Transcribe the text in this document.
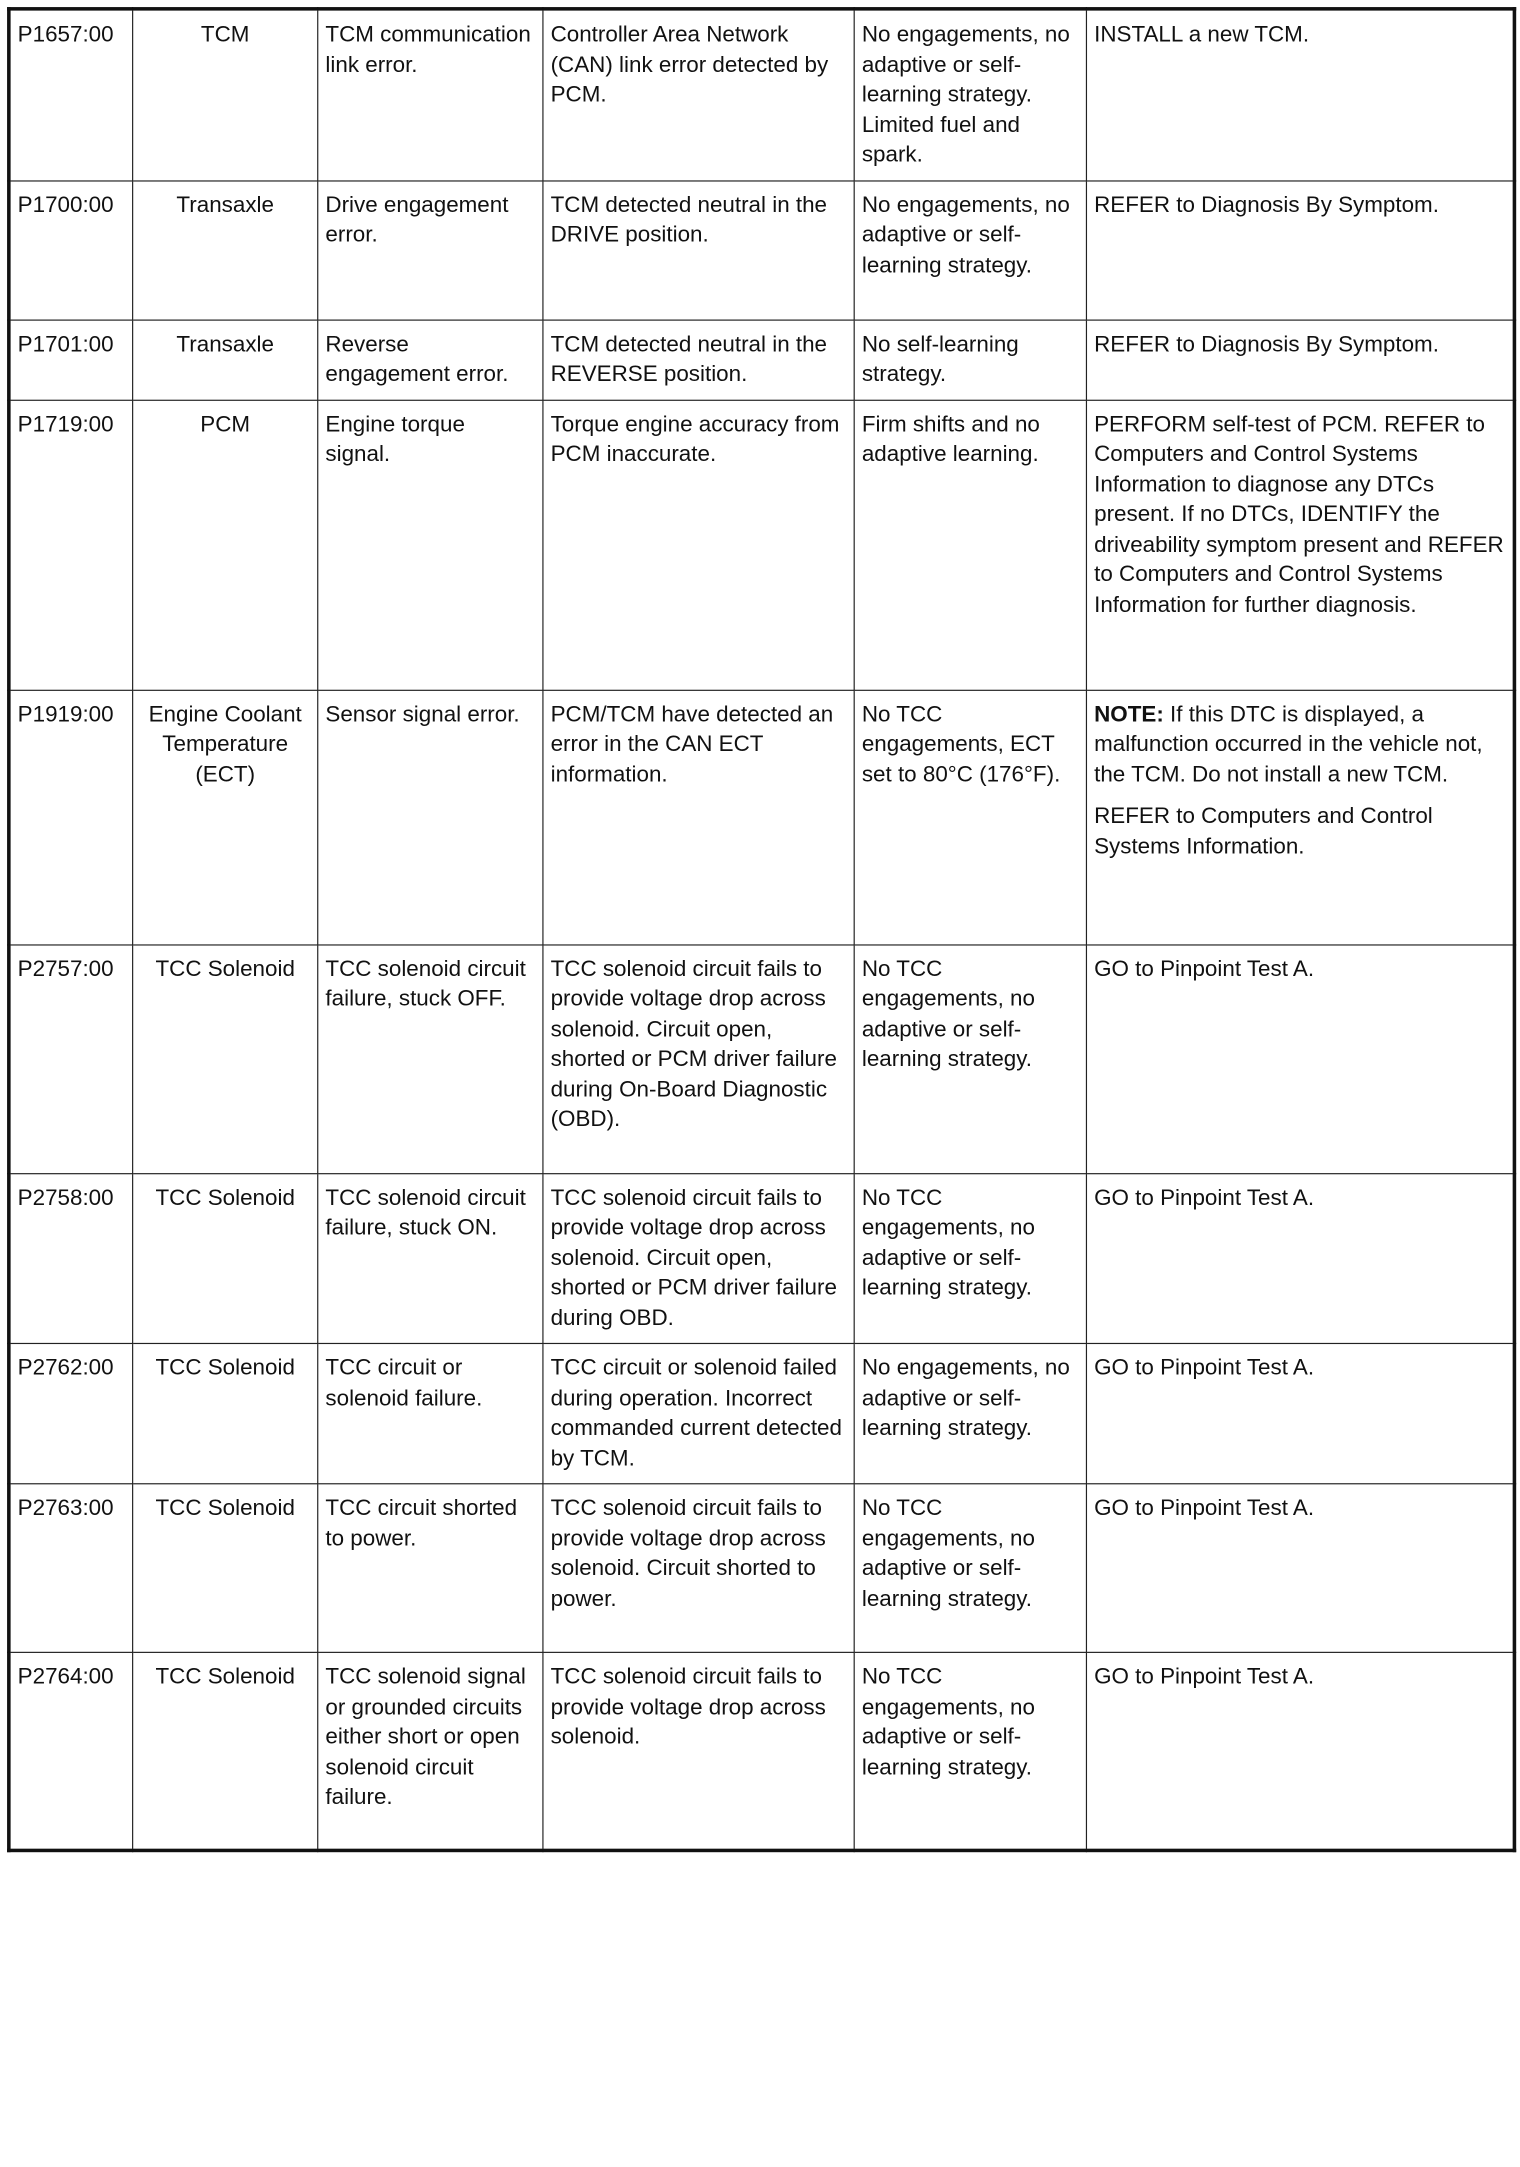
P1657:00	TCM	TCM communication link error.	Controller Area Network (CAN) link error detected by PCM.	No engagements, no adaptive or self-learning strategy. Limited fuel and spark.	INSTALL a new TCM.
P1700:00	Transaxle	Drive engagement error.	TCM detected neutral in the DRIVE position.	No engagements, no adaptive or self-learning strategy.	REFER to Diagnosis By Symptom.
P1701:00	Transaxle	Reverse engagement error.	TCM detected neutral in the REVERSE position.	No self-learning strategy.	REFER to Diagnosis By Symptom.
P1719:00	PCM	Engine torque signal.	Torque engine accuracy from PCM inaccurate.	Firm shifts and no adaptive learning.	PERFORM self-test of PCM. REFER to Computers and Control Systems Information to diagnose any DTCs present. If no DTCs, IDENTIFY the driveability symptom present and REFER to Computers and Control Systems Information for further diagnosis.
P1919:00	Engine Coolant Temperature (ECT)	Sensor signal error.	PCM/TCM have detected an error in the CAN ECT information.	No TCC engagements, ECT set to 80°C (176°F).	NOTE: If this DTC is displayed, a malfunction occurred in the vehicle not, the TCM. Do not install a new TCM.

REFER to Computers and Control Systems Information.

P2757:00	TCC Solenoid	TCC solenoid circuit failure, stuck OFF.	TCC solenoid circuit fails to provide voltage drop across solenoid. Circuit open, shorted or PCM driver failure during On-Board Diagnostic (OBD).	No TCC engagements, no adaptive or self-learning strategy.	GO to Pinpoint Test A.
P2758:00	TCC Solenoid	TCC solenoid circuit failure, stuck ON.	TCC solenoid circuit fails to provide voltage drop across solenoid. Circuit open, shorted or PCM driver failure during OBD.	No TCC engagements, no adaptive or self-learning strategy.	GO to Pinpoint Test A.
P2762:00	TCC Solenoid	TCC circuit or solenoid failure.	TCC circuit or solenoid failed during operation. Incorrect commanded current detected by TCM.	No engagements, no adaptive or self-learning strategy.	GO to Pinpoint Test A.
P2763:00	TCC Solenoid	TCC circuit shorted to power.	TCC solenoid circuit fails to provide voltage drop across solenoid. Circuit shorted to power.	No TCC engagements, no adaptive or self-learning strategy.	GO to Pinpoint Test A.
P2764:00	TCC Solenoid	TCC solenoid signal or grounded circuits either short or open solenoid circuit failure.	TCC solenoid circuit fails to provide voltage drop across solenoid.	No TCC engagements, no adaptive or self-learning strategy.	GO to Pinpoint Test A.
